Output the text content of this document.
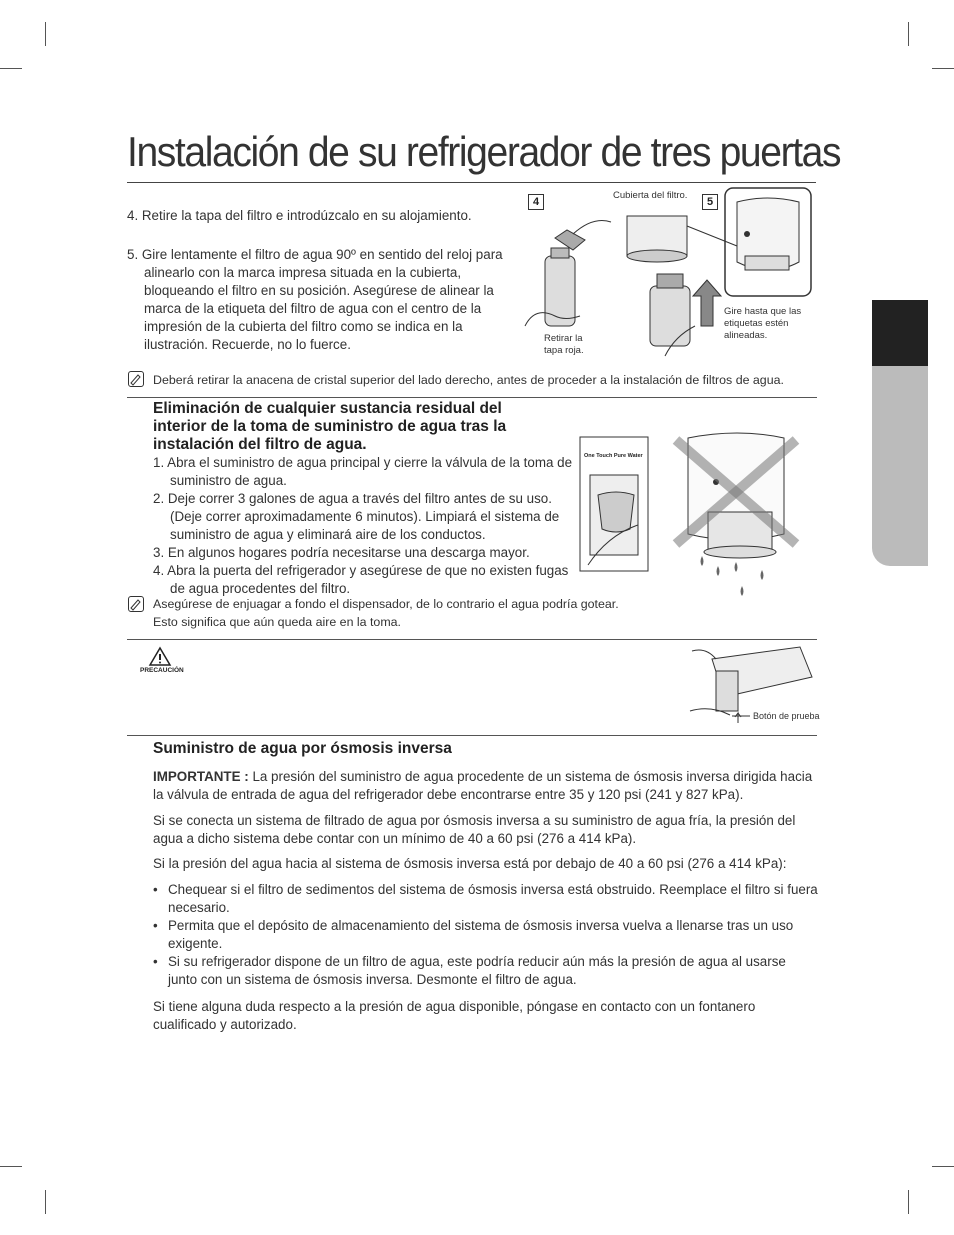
Instalación de su refrigerador de tres puertas
4. Retire la tapa del filtro e introdúzcalo en su alojamiento.
5. Gire lentamente el filtro de agua 90º en sentido del reloj para alinearlo con la marca impresa situada en la cubierta, bloqueando el filtro en su posición. Asegúrese de alinear la marca de la etiqueta del filtro de agua con el centro de la impresión de la cubierta del filtro como se indica en la ilustración. Recuerde, no lo fuerce.
4
Cubierta del filtro.
5
Retirar la tapa roja.
Gire hasta que las etiquetas estén alineadas.
Deberá retirar la anacena de cristal superior del lado derecho, antes de proceder a la instalación de filtros de agua.
Eliminación de cualquier sustancia residual del interior de la toma de suministro de agua tras la instalación del filtro de agua.

1. Abra el suministro de agua principal y cierre la válvula de la toma de suministro de agua.

2. Deje correr 3 galones de agua a través del filtro antes de su uso. (Deje correr aproximadamente 6 minutos). Limpiará el sistema de suministro de agua y eliminará aire de los conductos.

3. En algunos hogares podría necesitarse una descarga mayor.

4. Abra la puerta del refrigerador y asegúrese de que no existen fugas de agua procedentes del filtro.

One Touch Pure Water
Asegúrese de enjuagar a fondo el dispensador, de lo contrario el agua podría gotear.
Esto significa que aún queda aire en la toma.
PRECAUCIÓN
Botón de prueba
Suministro de agua por ósmosis inversa
IMPORTANTE : La presión del suministro de agua procedente de un sistema de ósmosis inversa dirigida hacia la válvula de entrada de agua del refrigerador debe encontrarse entre 35 y 120 psi (241 y 827 kPa).
Si se conecta un sistema de filtrado de agua por ósmosis inversa a su suministro de agua fría, la presión del agua a dicho sistema debe contar con un mínimo de 40 a 60 psi (276 a 414 kPa).
Si la presión del agua hacia al sistema de ósmosis inversa está por debajo de 40 a 60 psi (276 a 414 kPa):
• Chequear si el filtro de sedimentos del sistema de ósmosis inversa está obstruido. Reemplace el filtro si fuera necesario.
• Permita que el depósito de almacenamiento del sistema de ósmosis inversa vuelva a llenarse tras un uso exigente.
• Si su refrigerador dispone de un filtro de agua, este podría reducir aún más la presión de agua al usarse junto con un sistema de ósmosis inversa. Desmonte el filtro de agua.
Si tiene alguna duda respecto a la presión de agua disponible, póngase en contacto con un fontanero cualificado y autorizado.
